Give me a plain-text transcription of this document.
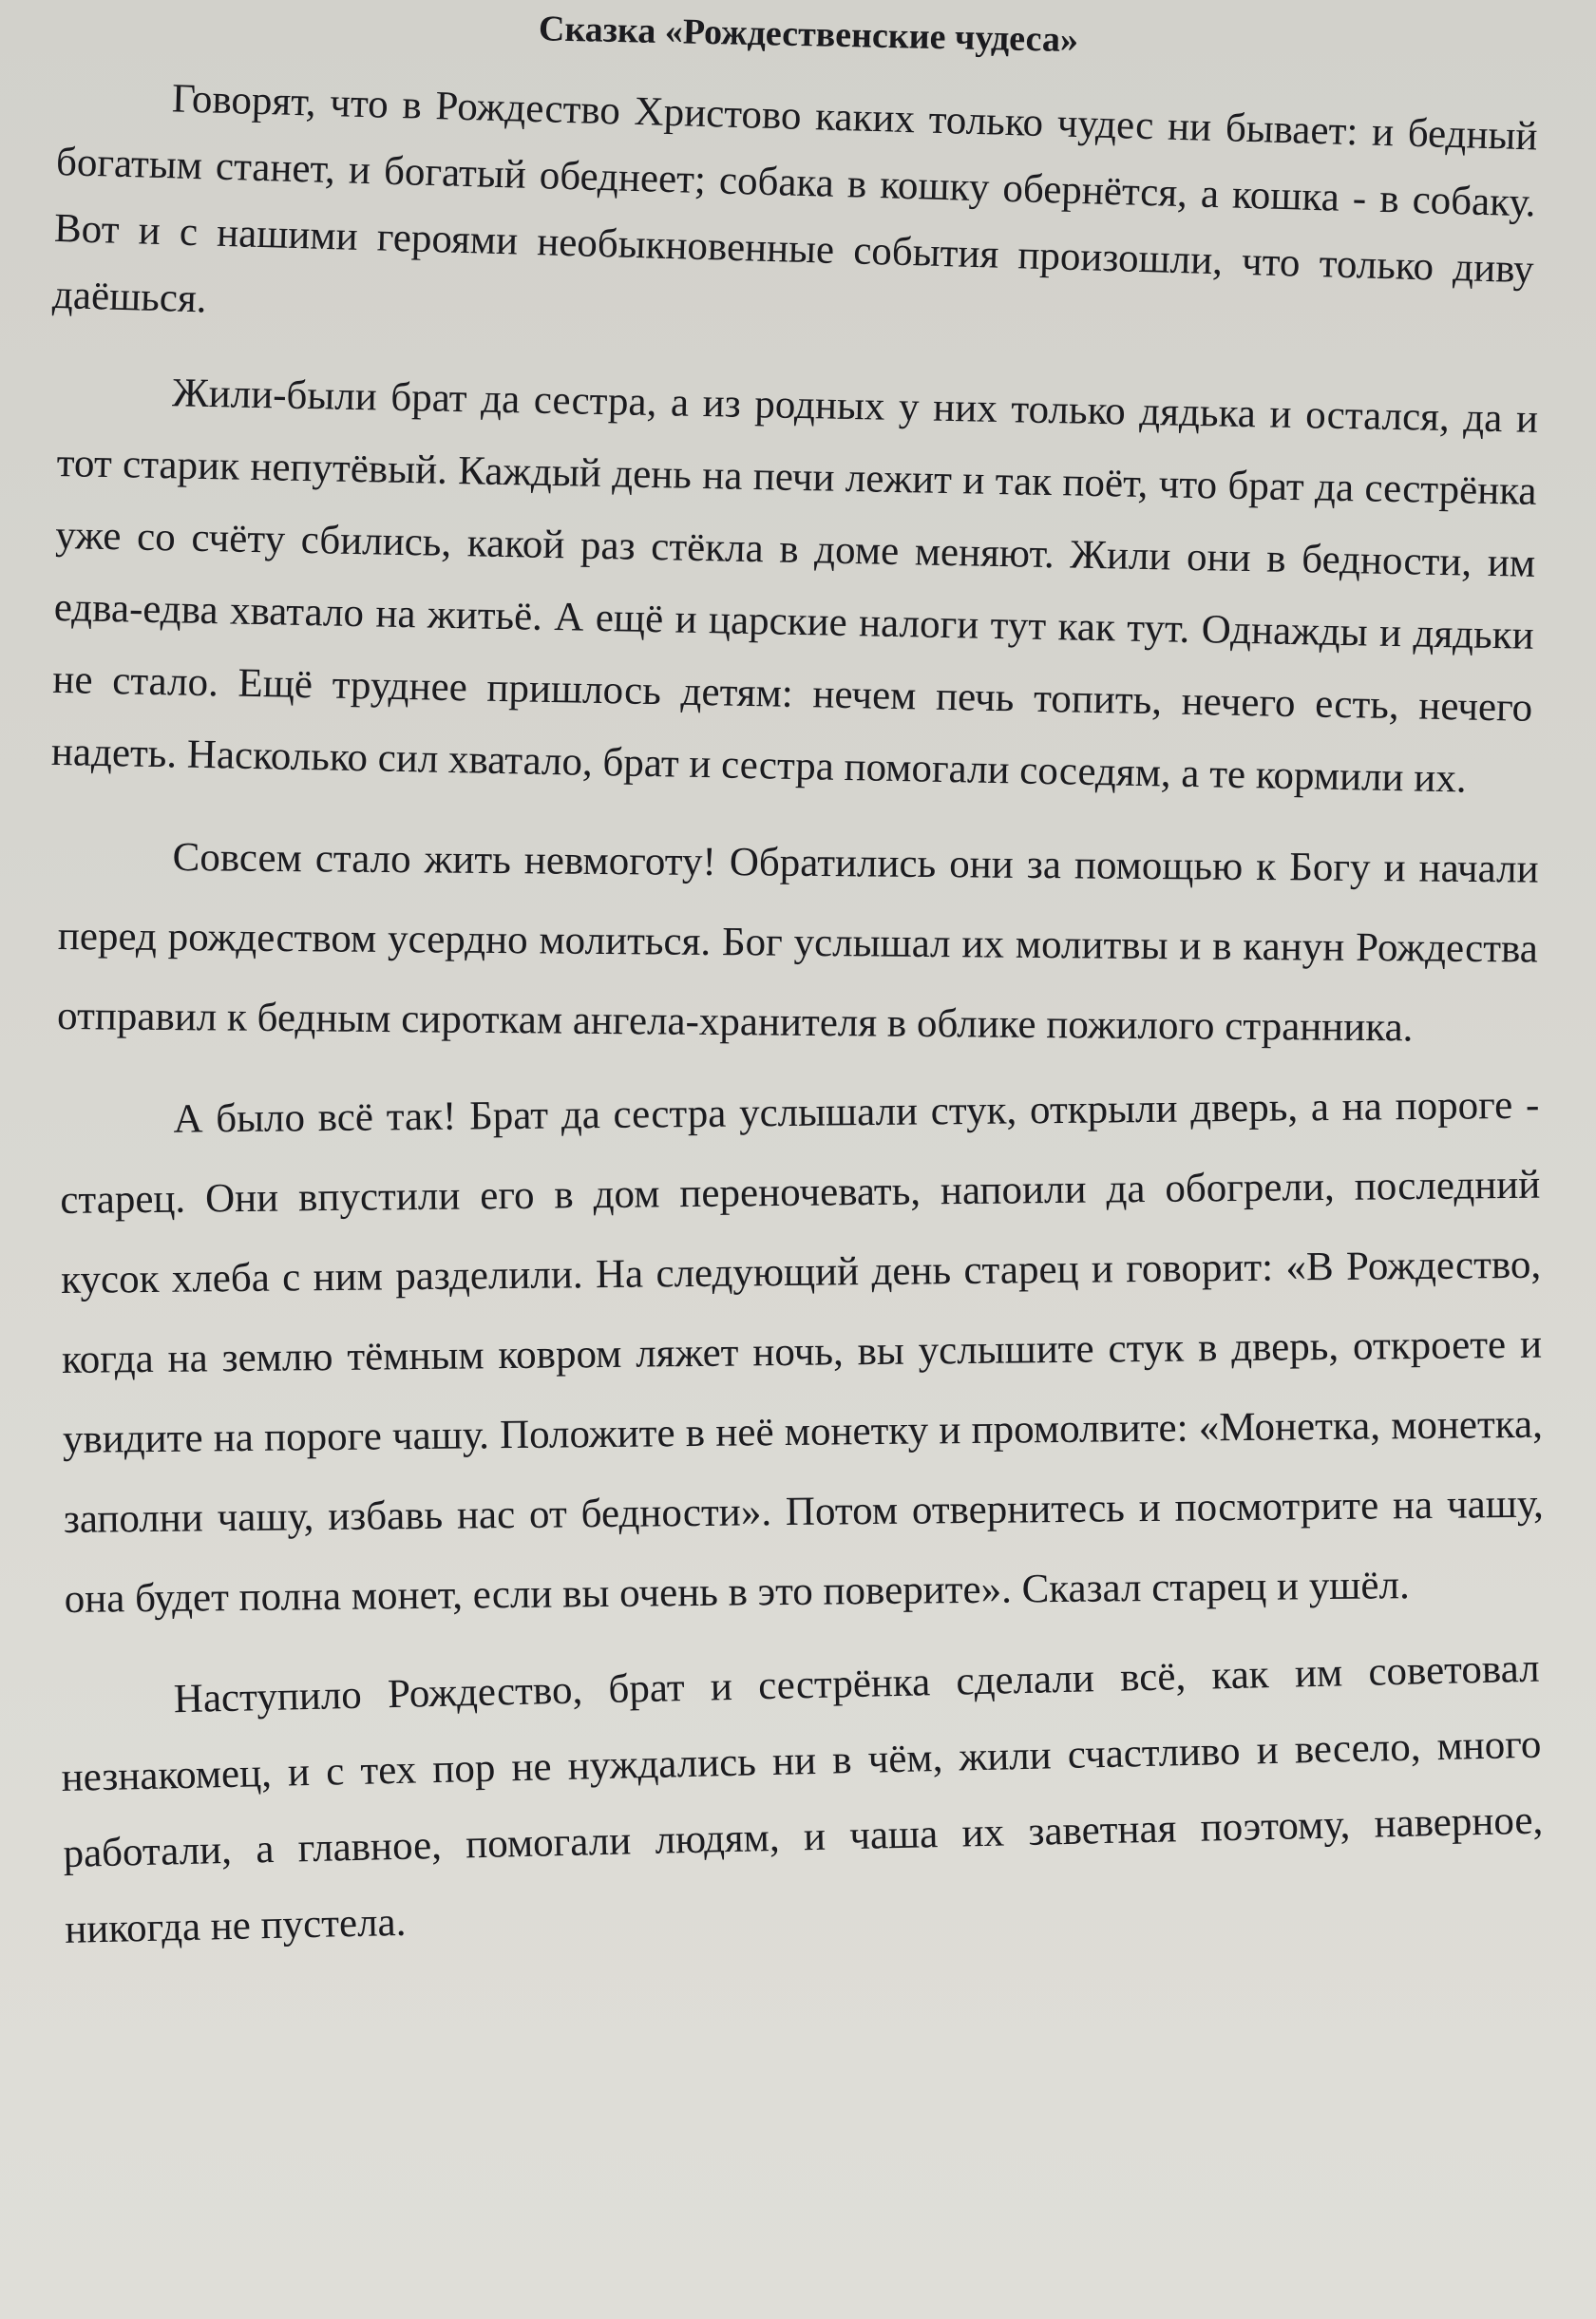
Сказка «Рождественские чудеса»

Говорят, что в Рождество Христово каких только чудес ни бывает: и бедный богатым станет, и богатый обеднеет; собака в кошку обернётся, а кошка - в собаку. Вот и с нашими героями необыкновенные события произошли, что только диву даёшься.

Жили-были брат да сестра, а из родных у них только дядька и остался, да и тот старик непутёвый. Каждый день на печи лежит и так поёт, что брат да сестрёнка уже со счёту сбились, какой раз стёкла в доме меняют. Жили они в бедности, им едва-едва хватало на житьё. А ещё и царские налоги тут как тут. Однажды и дядьки не стало. Ещё труднее пришлось детям: нечем печь топить, нечего есть, нечего надеть. Насколько сил хватало, брат и сестра помогали соседям, а те кормили их.

Совсем стало жить невмоготу! Обратились они за помощью к Богу и начали перед рождеством усердно молиться. Бог услышал их молитвы и в канун Рождества отправил к бедным сироткам ангела-хранителя в облике пожилого странника.

А было всё так! Брат да сестра услышали стук, открыли дверь, а на пороге - старец. Они впустили его в дом переночевать, напоили да обогрели, последний кусок хлеба с ним разделили. На следующий день старец и говорит: «В Рождество, когда на землю тёмным ковром ляжет ночь, вы услышите стук в дверь, откроете и увидите на пороге чашу. Положите в неё монетку и промолвите: «Монетка, монетка, заполни чашу, избавь нас от бедности». Потом отвернитесь и посмотрите на чашу, она будет полна монет, если вы очень в это поверите». Сказал старец и ушёл.

Наступило Рождество, брат и сестрёнка сделали всё, как им советовал незнакомец, и с тех пор не нуждались ни в чём, жили счастливо и весело, много работали, а главное, помогали людям, и чаша их заветная поэтому, наверное, никогда не пустела.
